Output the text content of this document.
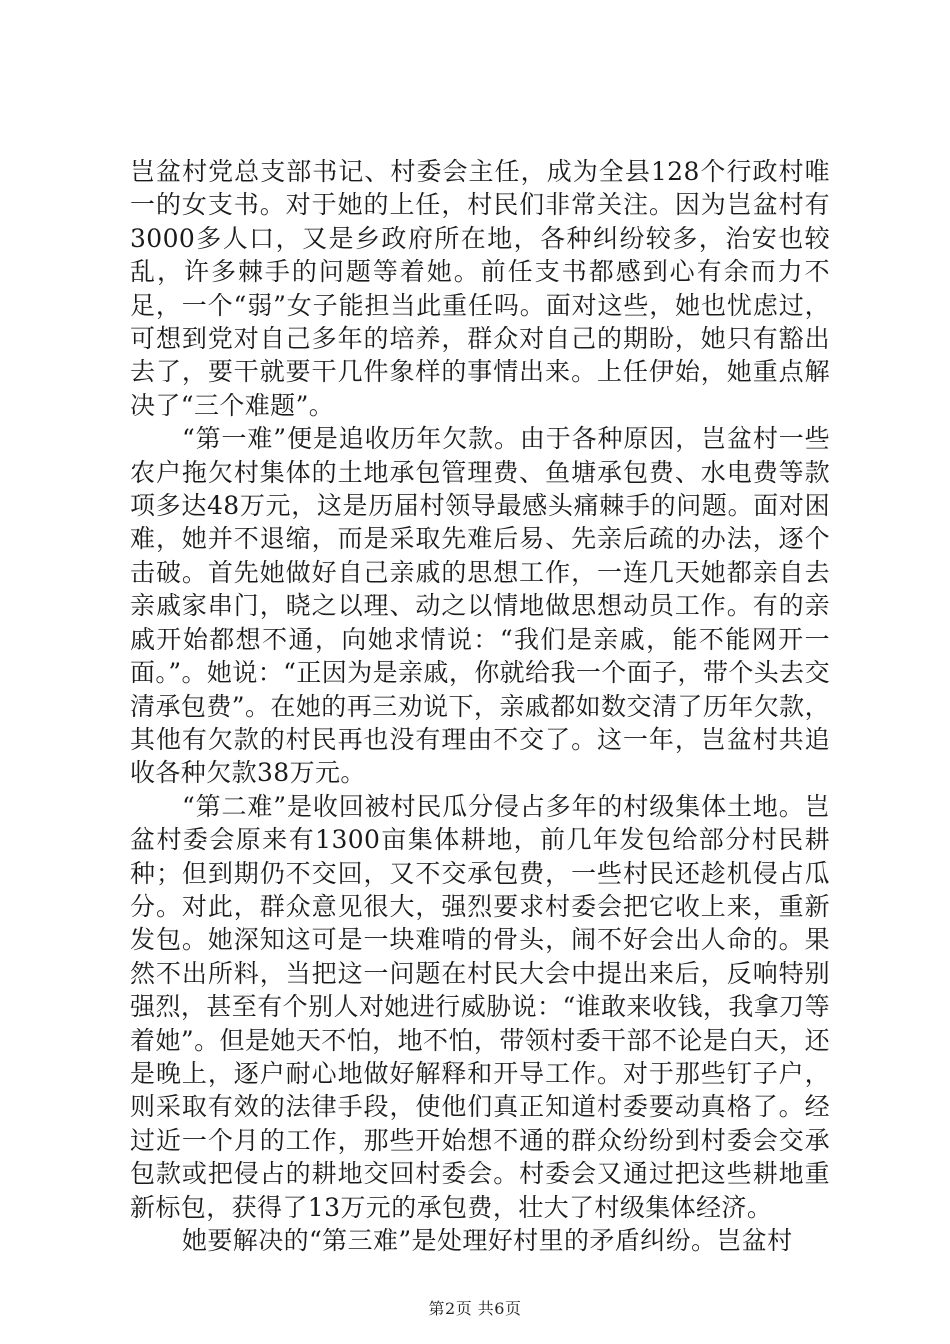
岂盆村党总支部书记、村委会主任，成为全县128个行政村唯一的女支书。对于她的上任，村民们非常关注。因为岂盆村有3000多人口，又是乡政府所在地，各种纠纷较多，治安也较乱，许多棘手的问题等着她。前任支书都感到心有余而力不足，一个“弱”女子能担当此重任吗。面对这些，她也忧虑过，可想到党对自己多年的培养，群众对自己的期盼，她只有豁出去了，要干就要干几件象样的事情出来。上任伊始，她重点解决了“三个难题”。

“第一难”便是追收历年欠款。由于各种原因，岂盆村一些农户拖欠村集体的土地承包管理费、鱼塘承包费、水电费等款项多达48万元，这是历届村领导最感头痛棘手的问题。面对困难，她并不退缩，而是采取先难后易、先亲后疏的办法，逐个击破。首先她做好自己亲戚的思想工作，一连几天她都亲自去亲戚家串门，晓之以理、动之以情地做思想动员工作。有的亲戚开始都想不通，向她求情说：“我们是亲戚，能不能网开一面。”。她说：“正因为是亲戚，你就给我一个面子，带个头去交清承包费”。在她的再三劝说下，亲戚都如数交清了历年欠款，其他有欠款的村民再也没有理由不交了。这一年，岂盆村共追收各种欠款38万元。

“第二难”是收回被村民瓜分侵占多年的村级集体土地。岂盆村委会原来有1300亩集体耕地，前几年发包给部分村民耕种；但到期仍不交回，又不交承包费，一些村民还趁机侵占瓜分。对此，群众意见很大，强烈要求村委会把它收上来，重新发包。她深知这可是一块难啃的骨头，闹不好会出人命的。果然不出所料，当把这一问题在村民大会中提出来后，反响特别强烈，甚至有个别人对她进行威胁说：“谁敢来收钱，我拿刀等着她”。但是她天不怕，地不怕，带领村委干部不论是白天，还是晚上，逐户耐心地做好解释和开导工作。对于那些钉子户，则采取有效的法律手段，使他们真正知道村委要动真格了。经过近一个月的工作，那些开始想不通的群众纷纷到村委会交承包款或把侵占的耕地交回村委会。村委会又通过把这些耕地重新标包，获得了13万元的承包费，壮大了村级集体经济。

她要解决的“第三难”是处理好村里的矛盾纠纷。岂盆村

第2页 共6页
